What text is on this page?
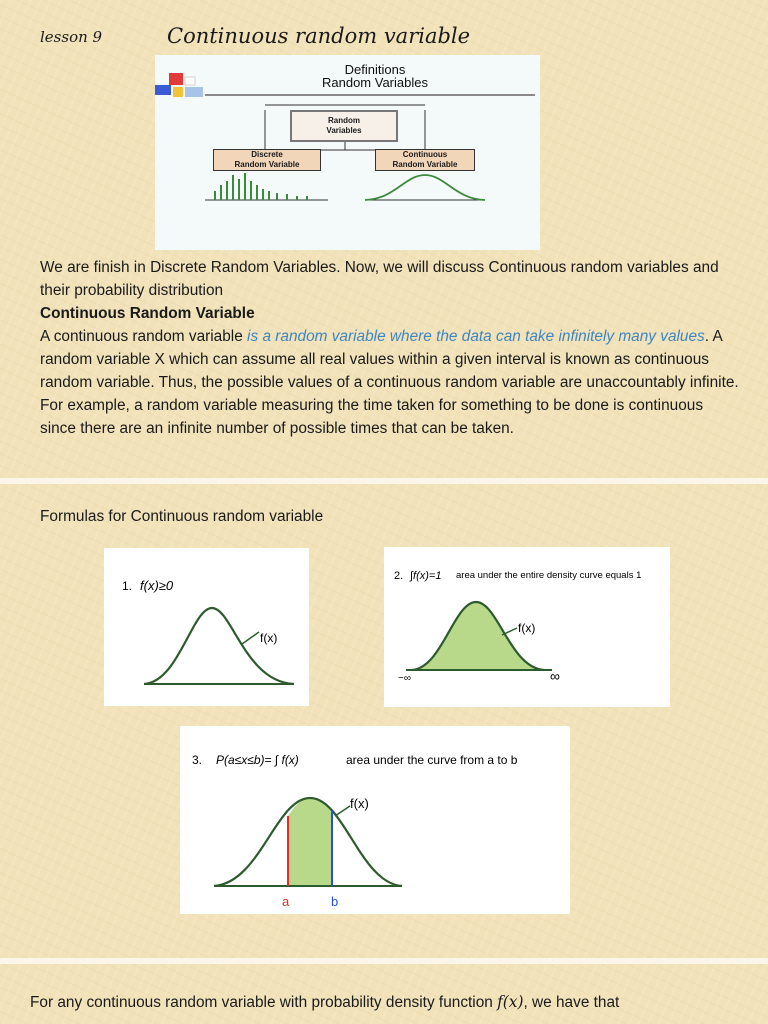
lesson 9	Continuous random variable
Definitions
Random Variables
Random
Variables
Discrete
Random Variable
Continuous
Random Variable
We are finish in Discrete Random Variables. Now, we will discuss Continuous random variables and their probability distribution
Continuous Random Variable
A continuous random variable is a random variable where the data can take infinitely many values. A random variable X which can assume all real values within a given interval is known as continuous random variable. Thus, the possible values of a continuous random variable are unaccountably infinite. For example, a random variable measuring the time taken for something to be done is continuous since there are an infinite number of possible times that can be taken.
Formulas for Continuous random variable
1. f(x)≥0
f(x)
2. ∫f(x)=1 area under the entire density curve equals 1
f(x)
−∞	∞
3. P(a≤x≤b)= ∫ f(x)	area under the curve from a to b
f(x)
a	b
For any continuous random variable with probability density function f(x), we have that
